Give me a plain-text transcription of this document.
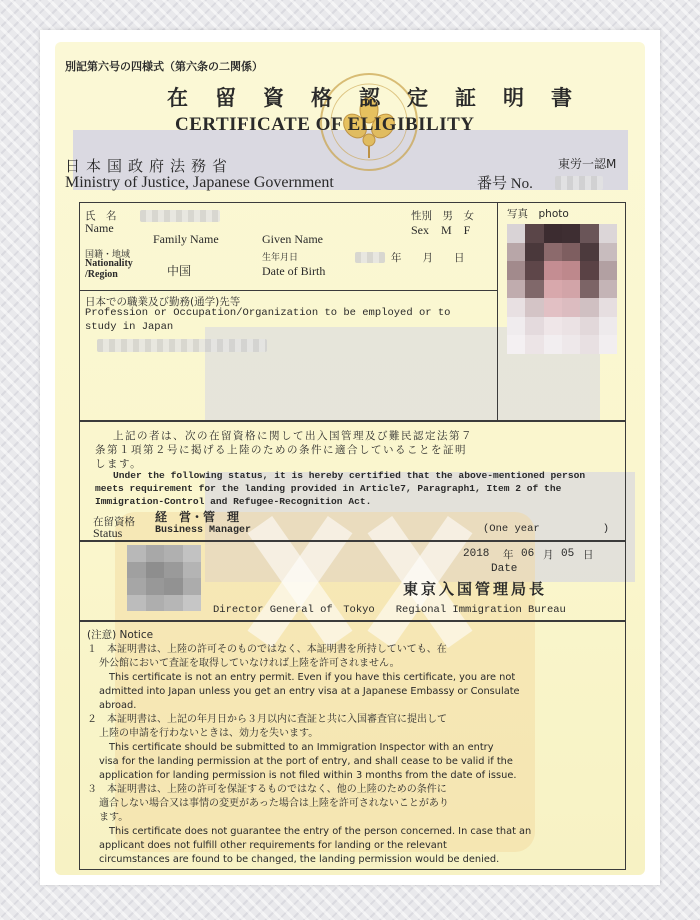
別記第六号の四様式（第六条の二関係）
在　留　資　格　認　定　証　明　書
CERTIFICATE OF ELIGIBILITY
日本国政府法務省
Ministry of Justice, Japanese Government
東労一認M
番号 No.
氏　名
Name
Family Name	Given Name
性別　男　女
Sex　M　F
写真　photo
国籍・地域
Nationality
/Region	中国
生年月日
Date of Birth
年　　月　　日
日本での職業及び勤務(通学)先等
Profession or Occupation/Organization to be employed or to
study in Japan
上記の者は、次の在留資格に関して出入国管理及び難民認定法第７
条第１項第２号に掲げる上陸のための条件に適合していることを証明
します。
Under the following status, it is hereby certified that the above-mentioned person
meets requirement for the landing provided in Article7, Paragraph1, Item 2 of the
Immigration-Control and Refugee-Recognition Act.
在留資格
Status
経　営・管　理
Business Manager	(One year　　　　　　)
2018 年 06 月 05 日
Date
東京入国管理局長
Director General of　Tokyo　　Regional Immigration Bureau
(注意) Notice
１　本証明書は、上陸の許可そのものではなく、本証明書を所持していても、在
外公館において査証を取得していなければ上陸を許可されません。
This certificate is not an entry permit. Even if you have this certificate, you are not
admitted into Japan unless you get an entry visa at a Japanese Embassy or Consulate
abroad.
２　本証明書は、上記の年月日から３月以内に査証と共に入国審査官に提出して
上陸の申請を行わないときは、効力を失います。
This certificate should be submitted to an Immigration Inspector with an entry
visa for the landing permission at the port of entry, and shall cease to be valid if the
application for landing permission is not filed within 3 months from the date of issue.
３　本証明書は、上陸の許可を保証するものではなく、他の上陸のための条件に
適合しない場合又は事情の変更があった場合は上陸を許可されないことがあり
ます。
This certificate does not guarantee the entry of the person concerned. In case that an
applicant does not fulfill other requirements for landing or the relevant
circumstances are found to be changed, the landing permission would be denied.
